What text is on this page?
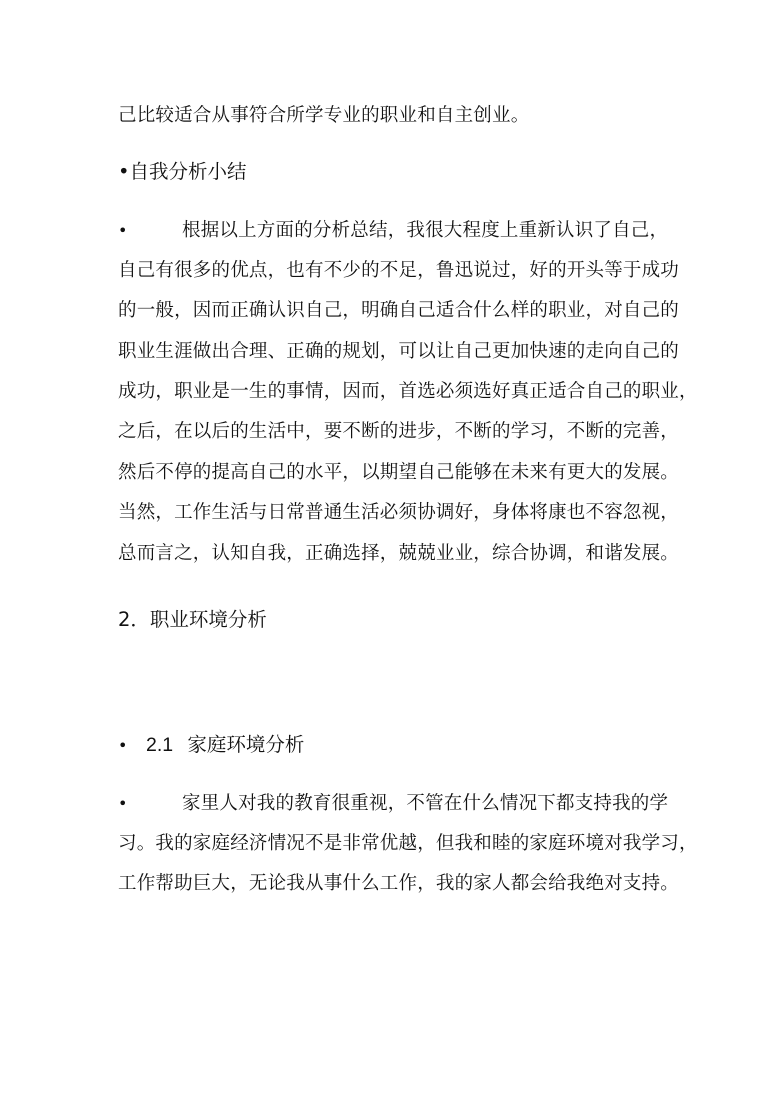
己比较适合从事符合所学专业的职业和自主创业。
•自我分析小结
•	根据以上方面的分析总结，我很大程度上重新认识了自己，
自己有很多的优点，也有不少的不足，鲁迅说过，好的开头等于成功
的一般，因而正确认识自己，明确自己适合什么样的职业，对自己的
职业生涯做出合理、正确的规划，可以让自己更加快速的走向自己的
成功，职业是一生的事情，因而，首选必须选好真正适合自己的职业，
之后，在以后的生活中，要不断的进步，不断的学习，不断的完善，
然后不停的提高自己的水平，以期望自己能够在未来有更大的发展。
当然，工作生活与日常普通生活必须协调好，身体将康也不容忽视，
总而言之，认知自我，正确选择，兢兢业业，综合协调，和谐发展。
2．职业环境分析
• 2.1 家庭环境分析
•	家里人对我的教育很重视，不管在什么情况下都支持我的学
习。我的家庭经济情况不是非常优越，但我和睦的家庭环境对我学习，
工作帮助巨大，无论我从事什么工作，我的家人都会给我绝对支持。
